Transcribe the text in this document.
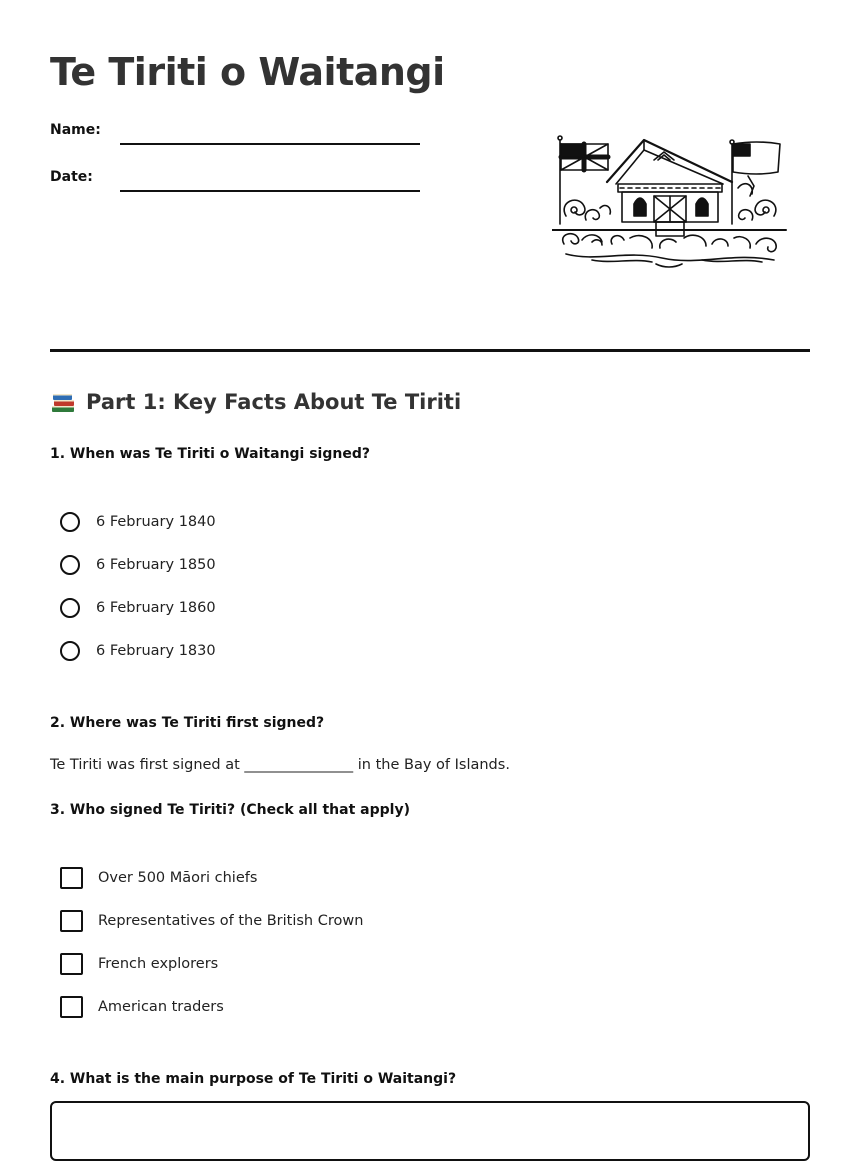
Te Tiriti o Waitangi
Name:
Date:
Part 1: Key Facts About Te Tiriti
1. When was Te Tiriti o Waitangi signed?
6 February 1840
6 February 1850
6 February 1860
6 February 1830
2. Where was Te Tiriti first signed?
Te Tiriti was first signed at _______________ in the Bay of Islands.
3. Who signed Te Tiriti? (Check all that apply)
Over 500 Māori chiefs
Representatives of the British Crown
French explorers
American traders
4. What is the main purpose of Te Tiriti o Waitangi?
